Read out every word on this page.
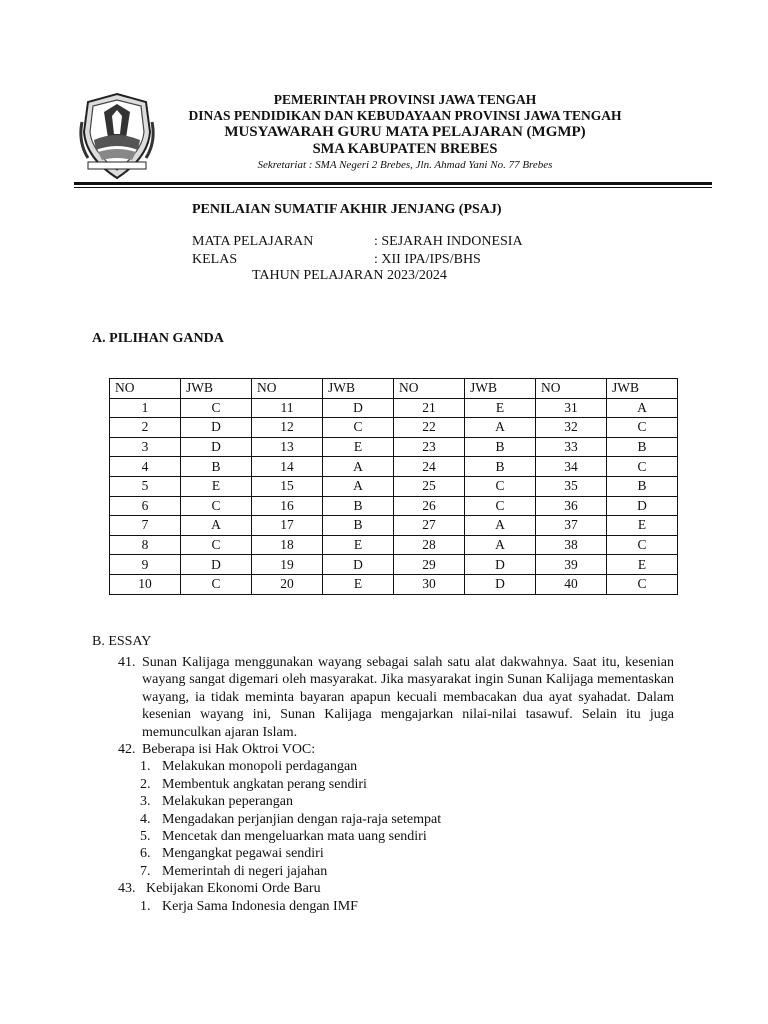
PEMERINTAH PROVINSI JAWA TENGAH
DINAS PENDIDIKAN DAN KEBUDAYAAN PROVINSI JAWA TENGAH
MUSYAWARAH GURU MATA PELAJARAN (MGMP)
SMA KABUPATEN BREBES
Sekretariat : SMA Negeri 2 Brebes, Jln. Ahmad Yani No. 77 Brebes
PENILAIAN SUMATIF AKHIR JENJANG (PSAJ)
MATA PELAJARAN	: SEJARAH INDONESIA
KELAS	: XII IPA/IPS/BHS
TAHUN PELAJARAN 2023/2024
A. PILIHAN GANDA
NO	JWB	NO	JWB	NO	JWB	NO	JWB
1	C	11	D	21	E	31	A
2	D	12	C	22	A	32	C
3	D	13	E	23	B	33	B
4	B	14	A	24	B	34	C
5	E	15	A	25	C	35	B
6	C	16	B	26	C	36	D
7	A	17	B	27	A	37	E
8	C	18	E	28	A	38	C
9	D	19	D	29	D	39	E
10	C	20	E	30	D	40	C
B. ESSAY
41. Sunan Kalijaga menggunakan wayang sebagai salah satu alat dakwahnya. Saat itu, kesenian wayang sangat digemari oleh masyarakat. Jika masyarakat ingin Sunan Kalijaga mementaskan wayang, ia tidak meminta bayaran apapun kecuali membacakan dua ayat syahadat. Dalam kesenian wayang ini, Sunan Kalijaga mengajarkan nilai-nilai tasawuf. Selain itu juga memunculkan ajaran Islam.
42. Beberapa isi Hak Oktroi VOC:
1. Melakukan monopoli perdagangan
2. Membentuk angkatan perang sendiri
3. Melakukan peperangan
4. Mengadakan perjanjian dengan raja-raja setempat
5. Mencetak dan mengeluarkan mata uang sendiri
6. Mengangkat pegawai sendiri
7. Memerintah di negeri jajahan
43. Kebijakan Ekonomi Orde Baru
1. Kerja Sama Indonesia dengan IMF
